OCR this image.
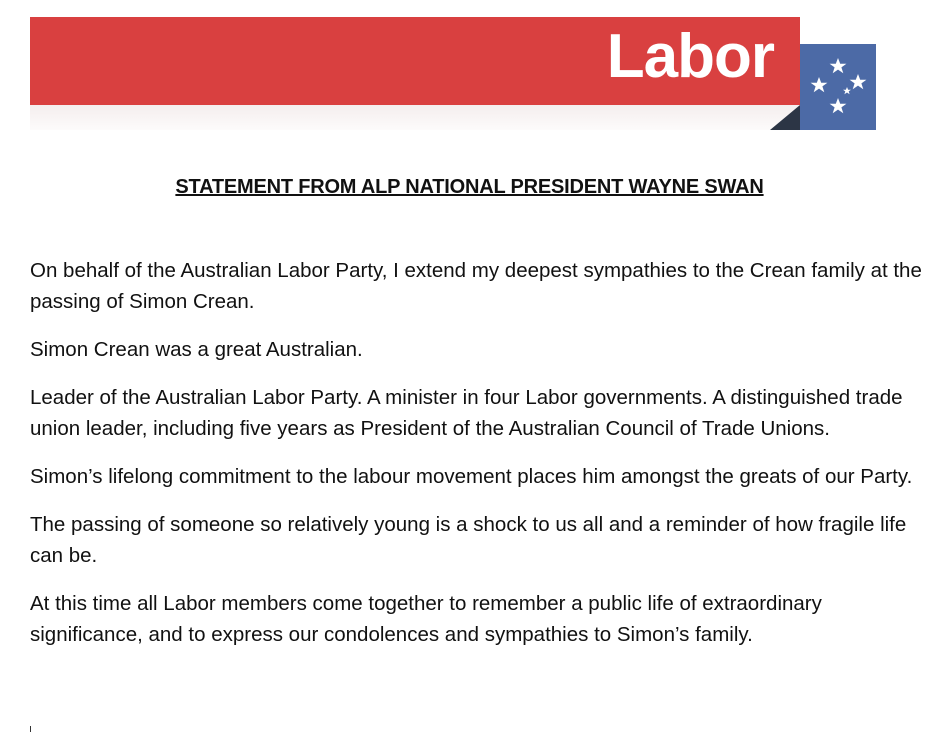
Labor
STATEMENT FROM ALP NATIONAL PRESIDENT WAYNE SWAN

On behalf of the Australian Labor Party, I extend my deepest sympathies to the Crean family at the passing of Simon Crean.

Simon Crean was a great Australian.

Leader of the Australian Labor Party. A minister in four Labor governments. A distinguished trade union leader, including five years as President of the Australian Council of Trade Unions.

Simon’s lifelong commitment to the labour movement places him amongst the greats of our Party.

The passing of someone so relatively young is a shock to us all and a reminder of how fragile life can be.

At this time all Labor members come together to remember a public life of extraordinary significance, and to express our condolences and sympathies to Simon’s family.
